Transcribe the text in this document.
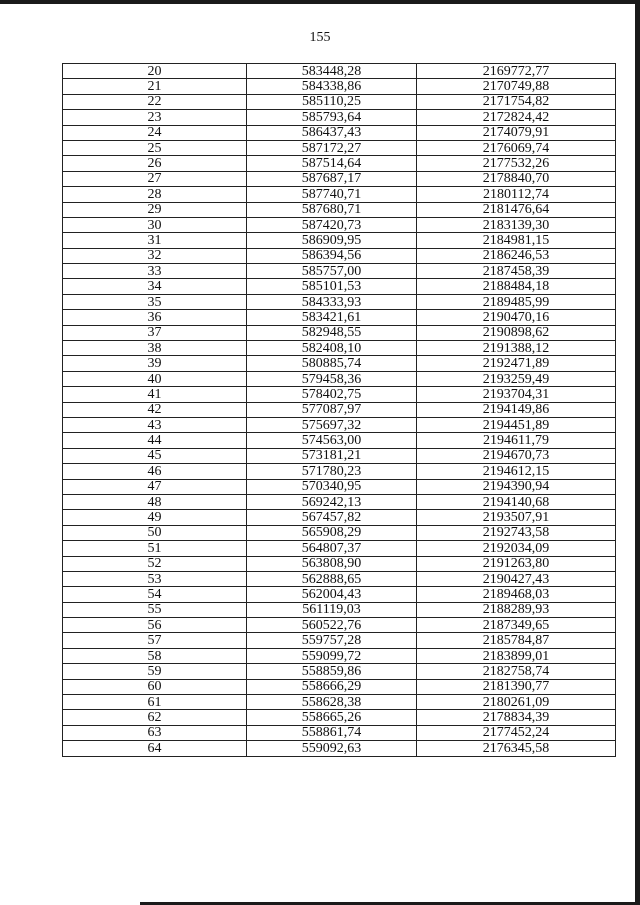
155
20	583448,28	2169772,77
21	584338,86	2170749,88
22	585110,25	2171754,82
23	585793,64	2172824,42
24	586437,43	2174079,91
25	587172,27	2176069,74
26	587514,64	2177532,26
27	587687,17	2178840,70
28	587740,71	2180112,74
29	587680,71	2181476,64
30	587420,73	2183139,30
31	586909,95	2184981,15
32	586394,56	2186246,53
33	585757,00	2187458,39
34	585101,53	2188484,18
35	584333,93	2189485,99
36	583421,61	2190470,16
37	582948,55	2190898,62
38	582408,10	2191388,12
39	580885,74	2192471,89
40	579458,36	2193259,49
41	578402,75	2193704,31
42	577087,97	2194149,86
43	575697,32	2194451,89
44	574563,00	2194611,79
45	573181,21	2194670,73
46	571780,23	2194612,15
47	570340,95	2194390,94
48	569242,13	2194140,68
49	567457,82	2193507,91
50	565908,29	2192743,58
51	564807,37	2192034,09
52	563808,90	2191263,80
53	562888,65	2190427,43
54	562004,43	2189468,03
55	561119,03	2188289,93
56	560522,76	2187349,65
57	559757,28	2185784,87
58	559099,72	2183899,01
59	558859,86	2182758,74
60	558666,29	2181390,77
61	558628,38	2180261,09
62	558665,26	2178834,39
63	558861,74	2177452,24
64	559092,63	2176345,58
